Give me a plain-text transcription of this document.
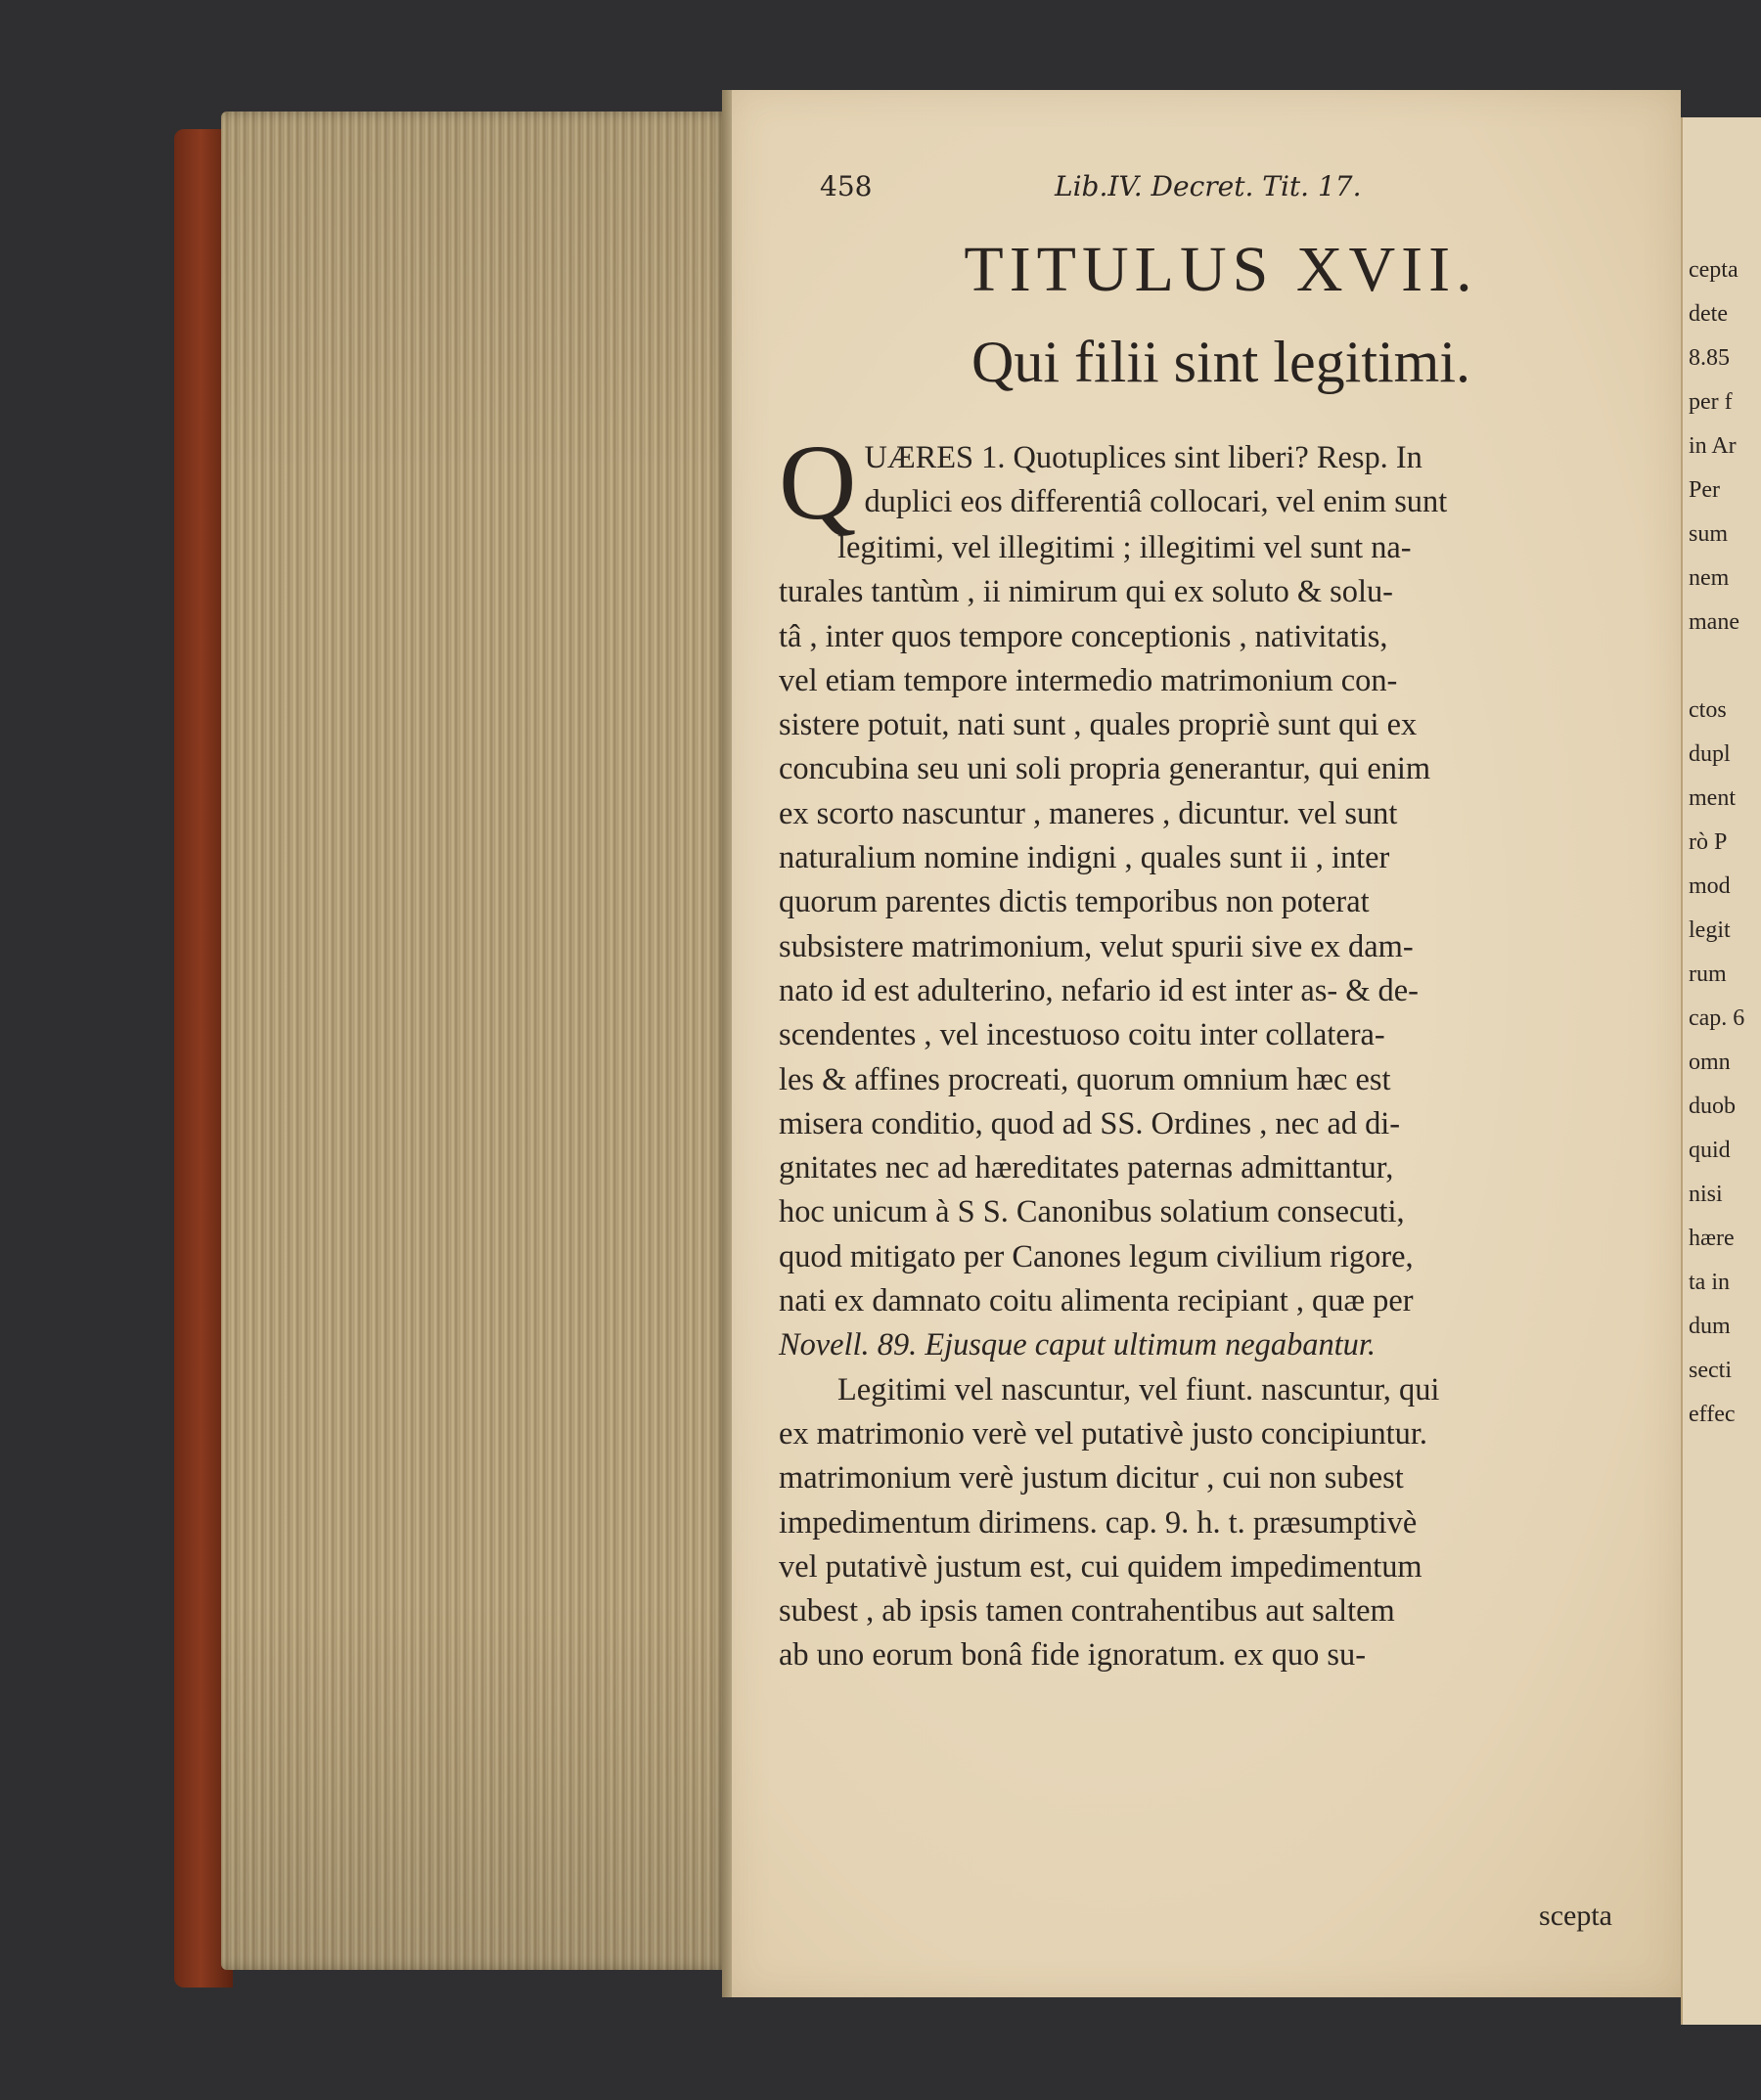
458	Lib.IV. Decret. Tit. 17.
TITULUS XVII.
Qui filii sint legitimi.
Q UÆRES 1. Quotuplices sint liberi? Resp. In
duplici eos differentiâ collocari, vel enim sunt
legitimi, vel illegitimi ; illegitimi vel sunt na-
turales tantùm , ii nimirum qui ex soluto & solu-
tâ , inter quos tempore conceptionis , nativitatis,
vel etiam tempore intermedio matrimonium con-
sistere potuit, nati sunt , quales propriè sunt qui ex
concubina seu uni soli propria generantur, qui enim
ex scorto nascuntur , maneres , dicuntur. vel sunt
naturalium nomine indigni , quales sunt ii , inter
quorum parentes dictis temporibus non poterat
subsistere matrimonium, velut spurii sive ex dam-
nato id est adulterino, nefario id est inter as- & de-
scendentes , vel incestuoso coitu inter collatera-
les & affines procreati, quorum omnium hæc est
misera conditio, quod ad SS. Ordines , nec ad di-
gnitates nec ad hæreditates paternas admittantur,
hoc unicum à S S. Canonibus solatium consecuti,
quod mitigato per Canones legum civilium rigore,
nati ex damnato coitu alimenta recipiant , quæ per
Novell. 89. Ejusque caput ultimum negabantur.
Legitimi vel nascuntur, vel fiunt. nascuntur, qui
ex matrimonio verè vel putativè justo concipiuntur.
matrimonium verè justum dicitur , cui non subest
impedimentum dirimens. cap. 9. h. t. præsumptivè
vel putativè justum est, cui quidem impedimentum
subest , ab ipsis tamen contrahentibus aut saltem
ab uno eorum bonâ fide ignoratum. ex quo su-
scepta
cepta
dete
8.85
per f
in Ar
Per
sum
nem
mane

ctos
dupl
ment
rò P
mod
legit
rum
cap. 6
omn
duob
quid
nisi
hære
ta in
dum
secti
effec
